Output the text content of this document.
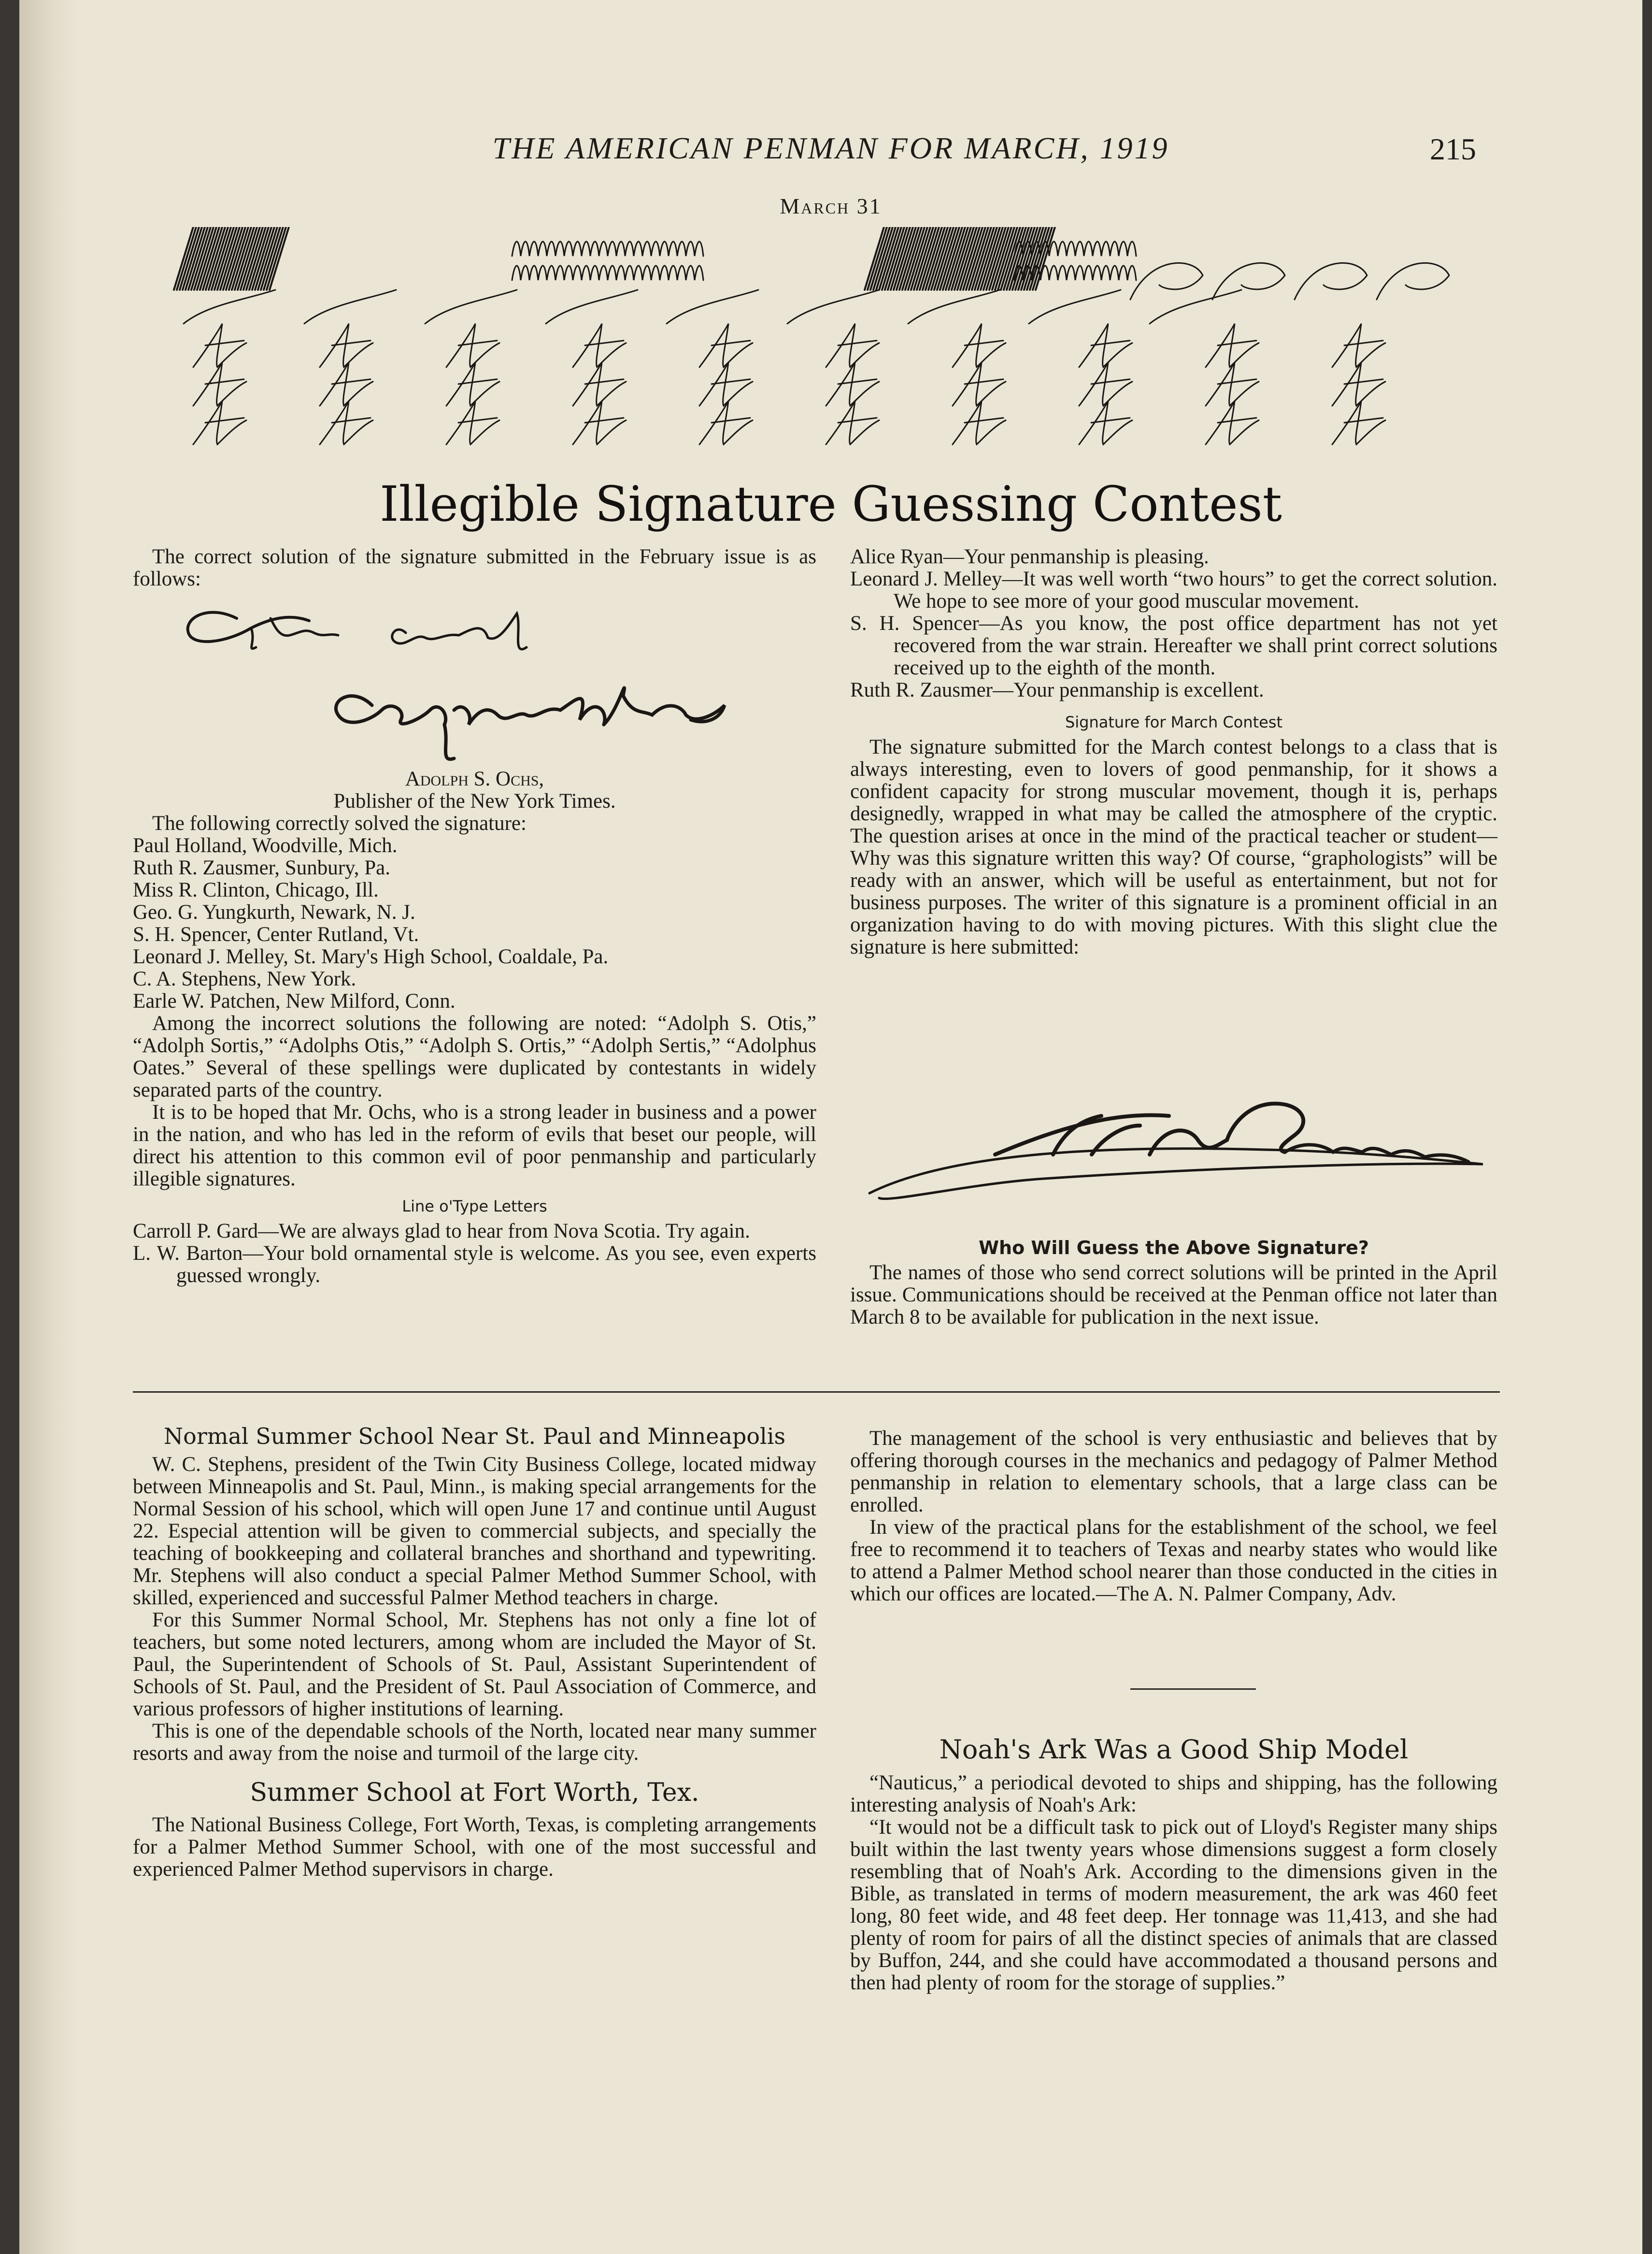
THE AMERICAN PENMAN FOR MARCH, 1919	215
March 31
Illegible Signature Guessing Contest

The correct solution of the signature submitted in the February issue is as follows:

Adolph S. Ochs,
Publisher of the New York Times.

The following correctly solved the signature:

Paul Holland, Woodville, Mich.
Ruth R. Zausmer, Sunbury, Pa.
Miss R. Clinton, Chicago, Ill.
Geo. G. Yungkurth, Newark, N. J.
S. H. Spencer, Center Rutland, Vt.
Leonard J. Melley, St. Mary's High School, Coaldale, Pa.
C. A. Stephens, New York.
Earle W. Patchen, New Milford, Conn.

Among the incorrect solutions the following are noted: “Adolph S. Otis,” “Adolph Sortis,” “Adolphs Otis,” “Adolph S. Ortis,” “Adolph Sertis,” “Adolphus Oates.” Several of these spellings were duplicated by contestants in widely separated parts of the country.

It is to be hoped that Mr. Ochs, who is a strong leader in business and a power in the nation, and who has led in the reform of evils that beset our people, will direct his attention to this common evil of poor penmanship and particularly illegible signatures.

Line o'Type Letters

Carroll P. Gard—We are always glad to hear from Nova Scotia. Try again.

L. W. Barton—Your bold ornamental style is welcome. As you see, even experts guessed wrongly.

Alice Ryan—Your penmanship is pleasing.

Leonard J. Melley—It was well worth “two hours” to get the correct solution. We hope to see more of your good muscular movement.

S. H. Spencer—As you know, the post office department has not yet recovered from the war strain. Hereafter we shall print correct solutions received up to the eighth of the month.

Ruth R. Zausmer—Your penmanship is excellent.

Signature for March Contest

The signature submitted for the March contest belongs to a class that is always interesting, even to lovers of good penmanship, for it shows a confident capacity for strong muscular movement, though it is, perhaps designedly, wrapped in what may be called the atmosphere of the cryptic. The question arises at once in the mind of the practical teacher or student—Why was this signature written this way? Of course, “graphologists” will be ready with an answer, which will be useful as entertainment, but not for business purposes. The writer of this signature is a prominent official in an organization having to do with moving pictures. With this slight clue the signature is here submitted:

Who Will Guess the Above Signature?

The names of those who send correct solutions will be printed in the April issue. Communications should be received at the Penman office not later than March 8 to be available for publication in the next issue.

Normal Summer School Near St. Paul and Minneapolis

W. C. Stephens, president of the Twin City Business College, located midway between Minneapolis and St. Paul, Minn., is making special arrangements for the Normal Session of his school, which will open June 17 and continue until August 22. Especial attention will be given to commercial subjects, and specially the teaching of bookkeeping and collateral branches and shorthand and typewriting. Mr. Stephens will also conduct a special Palmer Method Summer School, with skilled, experienced and successful Palmer Method teachers in charge.

For this Summer Normal School, Mr. Stephens has not only a fine lot of teachers, but some noted lecturers, among whom are included the Mayor of St. Paul, the Superintendent of Schools of St. Paul, Assistant Superintendent of Schools of St. Paul, and the President of St. Paul Association of Commerce, and various professors of higher institutions of learning.

This is one of the dependable schools of the North, located near many summer resorts and away from the noise and turmoil of the large city.

Summer School at Fort Worth, Tex.

The National Business College, Fort Worth, Texas, is completing arrangements for a Palmer Method Summer School, with one of the most successful and experienced Palmer Method supervisors in charge.

The management of the school is very enthusiastic and believes that by offering thorough courses in the mechanics and pedagogy of Palmer Method penmanship in relation to elementary schools, that a large class can be enrolled.

In view of the practical plans for the establishment of the school, we feel free to recommend it to teachers of Texas and nearby states who would like to attend a Palmer Method school nearer than those conducted in the cities in which our offices are located.—The A. N. Palmer Company, Adv.

Noah's Ark Was a Good Ship Model

“Nauticus,” a periodical devoted to ships and shipping, has the following interesting analysis of Noah's Ark:

“It would not be a difficult task to pick out of Lloyd's Register many ships built within the last twenty years whose dimensions suggest a form closely resembling that of Noah's Ark. According to the dimensions given in the Bible, as translated in terms of modern measurement, the ark was 460 feet long, 80 feet wide, and 48 feet deep. Her tonnage was 11,413, and she had plenty of room for pairs of all the distinct species of animals that are classed by Buffon, 244, and she could have accommodated a thousand persons and then had plenty of room for the storage of supplies.”
